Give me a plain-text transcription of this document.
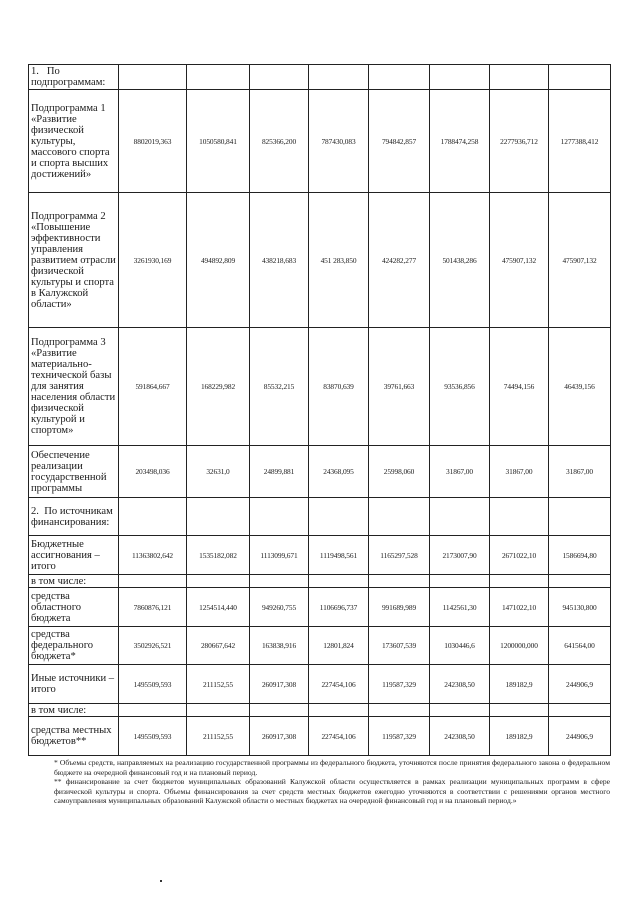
1.   По подпрограммам:								
Подпрограмма 1 «Развитие физической культуры, массового спорта и спорта высших достижений»	8802019,363	1050580,841	825366,200	787430,083	794842,857	1788474,258	2277936,712	1277388,412
Подпрограмма 2 «Повышение эффективности управления развитием отрасли физической культуры и спорта в Калужской области»	3261930,169	494892,809	438218,683	451 283,850	424282,277	501438,286	475907,132	475907,132
Подпрограмма 3 «Развитие материально-технической базы для занятия населения области физической культурой и спортом»	591864,667	168229,982	85532,215	83870,639	39761,663	93536,856	74494,156	46439,156
Обеспечение реализации государственной программы	203498,036	32631,0	24899,881	24368,095	25998,060	31867,00	31867,00	31867,00
2.  По источникам финансирования:								
Бюджетные ассигнования – итого	11363802,642	1535182,082	1113099,671	1119498,561	1165297,528	2173007,90	2671022,10	1586694,80
в том числе:								
средства областного бюджета	7860876,121	1254514,440	949260,755	1106696,737	991689,989	1142561,30	1471022,10	945130,800
средства федерального бюджета*	3502926,521	280667,642	163838,916	12801,824	173607,539	1030446,6	1200000,000	641564,00
Иные источники – итого	1495509,593	211152,55	260917,308	227454,106	119587,329	242308,50	189182,9	244906,9
в том числе:								
средства местных бюджетов**	1495509,593	211152,55	260917,308	227454,106	119587,329	242308,50	189182,9	244906,9

* Объемы средств, направляемых на реализацию государственной программы из федерального бюджета, уточняются после принятия федерального закона о федеральном бюджете на очередной финансовый год и на плановый период.

** финансирование за счет бюджетов муниципальных образований Калужской области осуществляется в рамках реализации муниципальных программ в сфере физической культуры и спорта. Объемы финансирования за счет средств местных бюджетов ежегодно уточняются в соответствии с решениями органов местного самоуправления муниципальных образований Калужской области о местных бюджетах на очередной финансовый год и на плановый период.»
